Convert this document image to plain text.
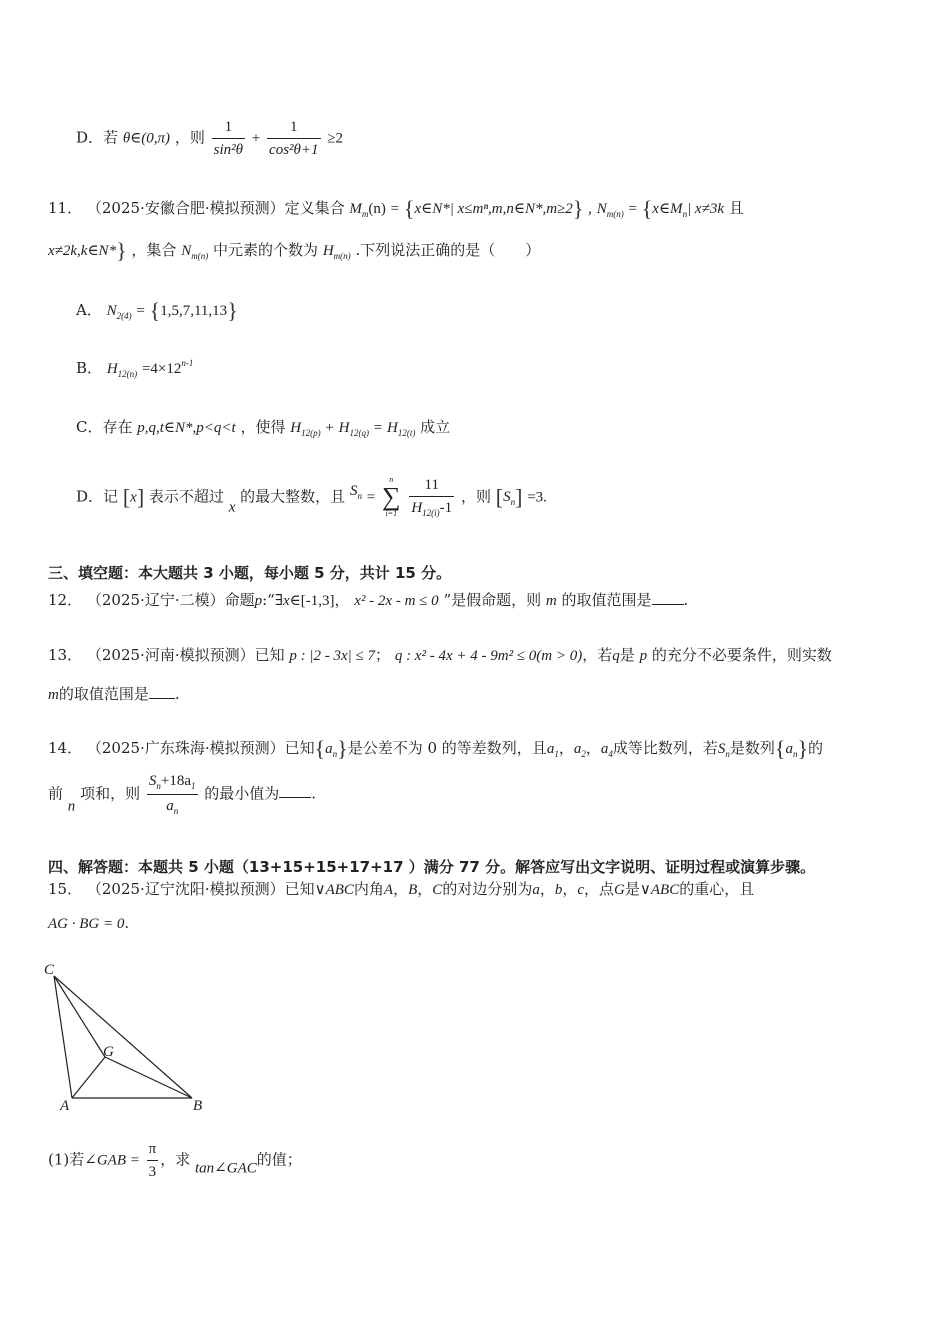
D．若 θ∈(0,π) ，则 $\frac{1}{\text{sin²θ}} + \frac{1}{\text{cos²θ+1}} \ge 2$
11． （2025·安徽合肥·模拟预测）定义集合 $M_m(n)$ = {x∈N*| x≤mⁿ,m,n∈N*,m≥2} , $N_{m(n)}$ = {$x\in M_n|$ x≠3k 且
x≠2k,k∈N*} ，集合 $N_{m(n)}$ 中元素的个数为 $H_{m(n)}$ .下列说法正确的是（　　）
A． $N_{2(4)} = \{1,5,7,11,13\}$
B． $H_{12(n)} =4\times 12^{n-1}$
C．存在 p,q,t∈N*,p<q<t ，使得 $H_{12(p)} + H_{12(q)} = H_{12(t)}$ 成立
D．记 [x] 表示不超过 x 的最大整数，且 $S_n$ =
n
∑
i=1
$\frac{11}{H_{12(i)}-1}$ ，则 $[S_n] =3$.
三、填空题：本大题共 3 小题，每小题 5 分，共计 15 分。
12． （2025·辽宁·二模）命题p:“∃x∈[-1,3]， x² - 2x - m ≤ 0 ”是假命题，则 m 的取值范围是 .
13． （2025·河南·模拟预测）已知 p : |2 - 3x| ≤ 7； q : x² - 4x + 4 - 9m² ≤ 0(m > 0)，若q是 p 的充分不必要条件，则实数
m的取值范围是 .
14． （2025·广东珠海·模拟预测）已知$\{a_n\}$是公差不为 0 的等差数列，且$a_1$，$a_2$，$a_4$成等比数列，若$S_n$是数列$\{a_n\}$的
前 n 项和，则 $\frac{S_n+18a_1}{a_n}$ 的最小值为 .
四、解答题：本题共 5 小题（13+15+15+17+17 ）满分 77 分。解答应写出文字说明、证明过程或演算步骤。
15． （2025·辽宁沈阳·模拟预测）已知∨ABC内角A，B，C的对边分别为a，b，c，点G是∨ABC的重心，且
AG · BG = 0.
C
G
A	B
(1)若∠GAB = $\frac{\pi}{3}$ ，求 tan∠GAC的值；
